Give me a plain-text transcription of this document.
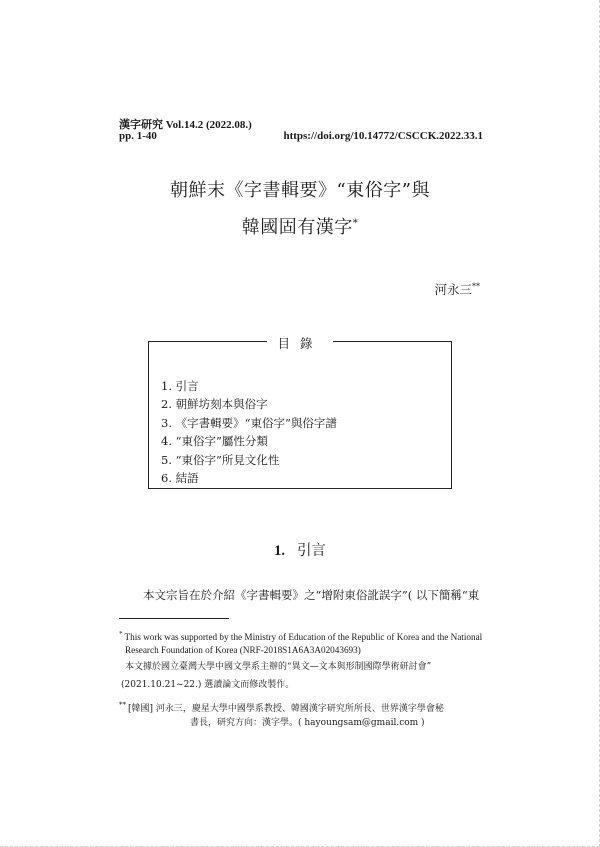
漢字研究 Vol.14.2 (2022.08.)
pp. 1-40	https://doi.org/10.14772/CSCCK.2022.33.1
朝鮮末《字書輯要》“東俗字”與
韓國固有漢字*
河永三**
目錄
1. 引言
2. 朝鮮坊刻本與俗字
3. 《字書輯要》“東俗字”與俗字譜
4. “東俗字”屬性分類
5. “東俗字”所見文化性
6. 結語
1. 引言
本文宗旨在於介紹《字書輯要》之“增附東俗訛誤字”( 以下簡稱“東
* This work was supported by the Ministry of Education of the Republic of Korea and the National
Research Foundation of Korea (NRF-2018S1A6A3A02043693)
本文據於國立臺灣大學中國文學系主辦的“異文—文本與形制國際學術研討會”
(2021.10.21~22.) 選讀論文而修改製作。
** [韓國] 河永三，慶星大學中國學系教授、韓國漢字研究所所長、世界漢字學會秘
書長，研究方向：漢字學。( hayoungsam@gmail.com )
